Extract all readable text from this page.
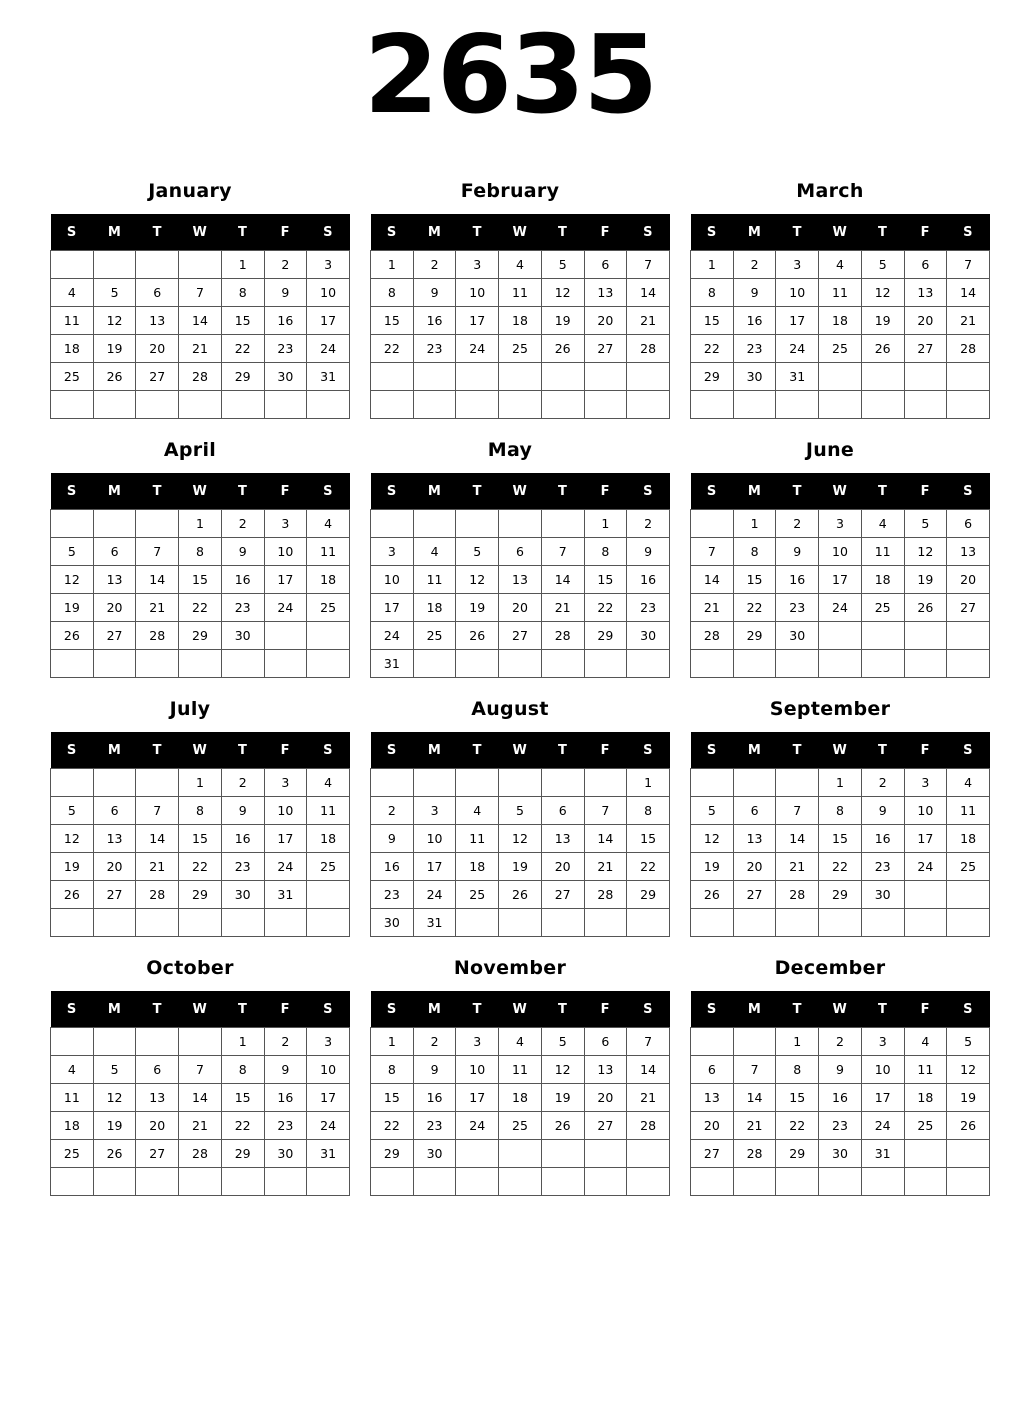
2635
January
S	M	T	W	T	F	S
				1	2	3
4	5	6	7	8	9	10
11	12	13	14	15	16	17
18	19	20	21	22	23	24
25	26	27	28	29	30	31

February
S	M	T	W	T	F	S
1	2	3	4	5	6	7
8	9	10	11	12	13	14
15	16	17	18	19	20	21
22	23	24	25	26	27	28

March
S	M	T	W	T	F	S
1	2	3	4	5	6	7
8	9	10	11	12	13	14
15	16	17	18	19	20	21
22	23	24	25	26	27	28
29	30	31				

April
S	M	T	W	T	F	S
			1	2	3	4
5	6	7	8	9	10	11
12	13	14	15	16	17	18
19	20	21	22	23	24	25
26	27	28	29	30		

May
S	M	T	W	T	F	S
					1	2
3	4	5	6	7	8	9
10	11	12	13	14	15	16
17	18	19	20	21	22	23
24	25	26	27	28	29	30
31						
June
S	M	T	W	T	F	S
	1	2	3	4	5	6
7	8	9	10	11	12	13
14	15	16	17	18	19	20
21	22	23	24	25	26	27
28	29	30				

July
S	M	T	W	T	F	S
			1	2	3	4
5	6	7	8	9	10	11
12	13	14	15	16	17	18
19	20	21	22	23	24	25
26	27	28	29	30	31	

August
S	M	T	W	T	F	S
						1
2	3	4	5	6	7	8
9	10	11	12	13	14	15
16	17	18	19	20	21	22
23	24	25	26	27	28	29
30	31					
September
S	M	T	W	T	F	S
			1	2	3	4
5	6	7	8	9	10	11
12	13	14	15	16	17	18
19	20	21	22	23	24	25
26	27	28	29	30		

October
S	M	T	W	T	F	S
				1	2	3
4	5	6	7	8	9	10
11	12	13	14	15	16	17
18	19	20	21	22	23	24
25	26	27	28	29	30	31

November
S	M	T	W	T	F	S
1	2	3	4	5	6	7
8	9	10	11	12	13	14
15	16	17	18	19	20	21
22	23	24	25	26	27	28
29	30					

December
S	M	T	W	T	F	S
		1	2	3	4	5
6	7	8	9	10	11	12
13	14	15	16	17	18	19
20	21	22	23	24	25	26
27	28	29	30	31		
